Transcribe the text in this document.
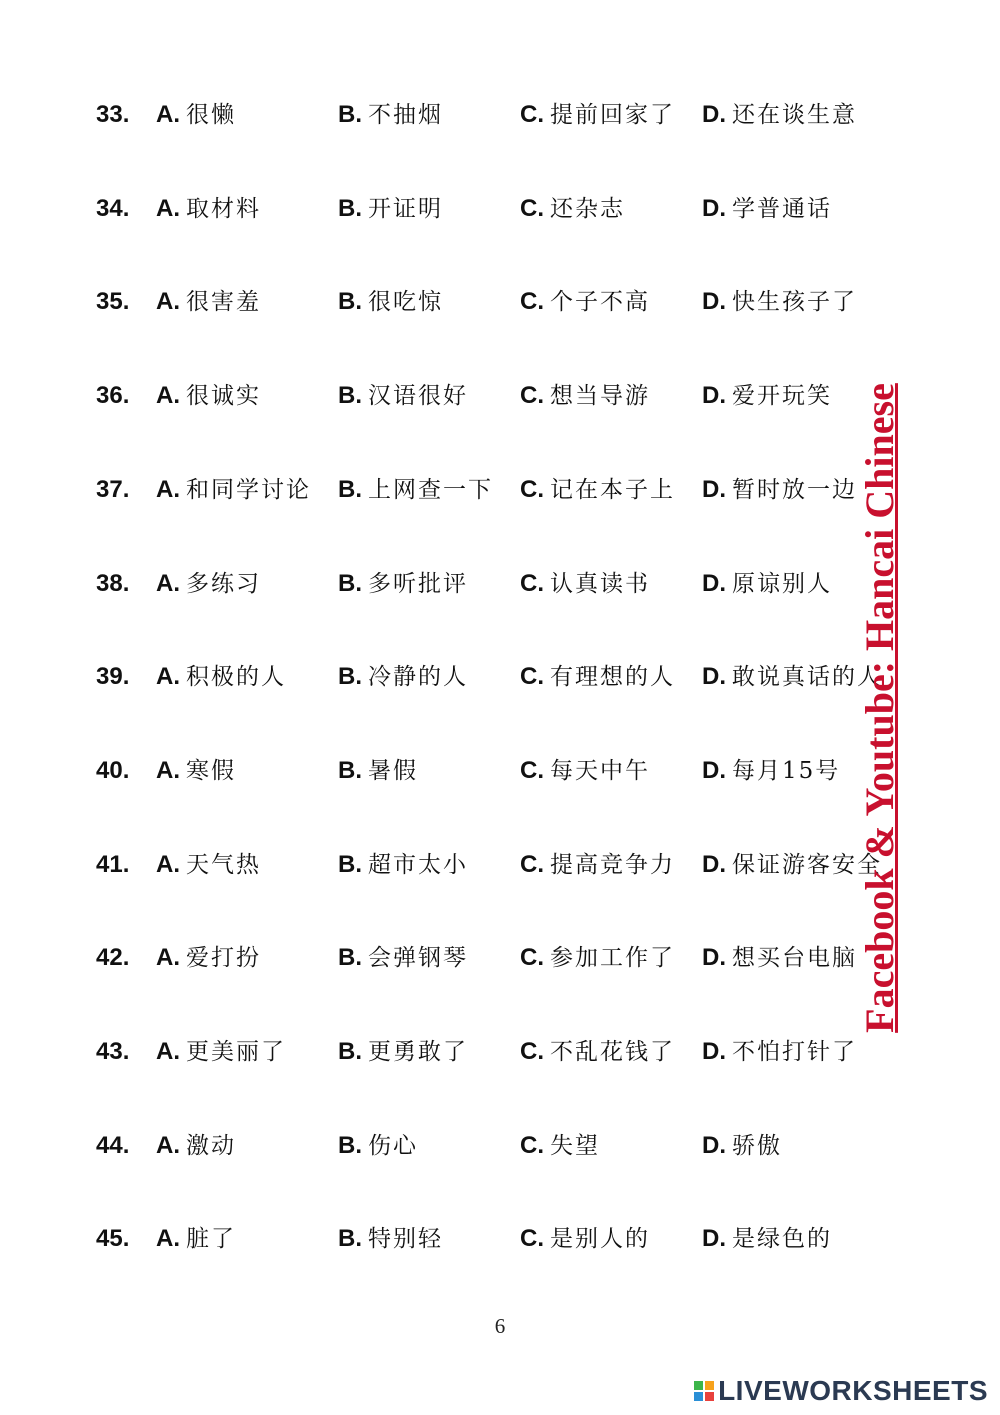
33. A. 很懒	B. 不抽烟	C. 提前回家了 D. 还在谈生意
34. A. 取材料	B. 开证明	C. 还杂志	D. 学普通话
35. A. 很害羞	B. 很吃惊	C. 个子不高 D. 快生孩子了
36. A. 很诚实	B. 汉语很好 C. 想当导游 D. 爱开玩笑
37. A. 和同学讨论 B. 上网查一下 C. 记在本子上 D. 暂时放一边
38. A. 多练习	B. 多听批评 C. 认真读书 D. 原谅别人
39. A. 积极的人 B. 冷静的人 C. 有理想的人 D. 敢说真话的人
40. A. 寒假	B. 暑假	C. 每天中午 D. 每月15号
41. A. 天气热	B. 超市太小 C. 提高竞争力 D. 保证游客安全
42. A. 爱打扮	B. 会弹钢琴 C. 参加工作了 D. 想买台电脑
43. A. 更美丽了 B. 更勇敢了 C. 不乱花钱了 D. 不怕打针了
44. A. 激动	B. 伤心	C. 失望	D. 骄傲
45. A. 脏了	B. 特别轻	C. 是别人的 D. 是绿色的
Facebook & Youtube: Hancai Chinese
6
LIVEWORKSHEETS
